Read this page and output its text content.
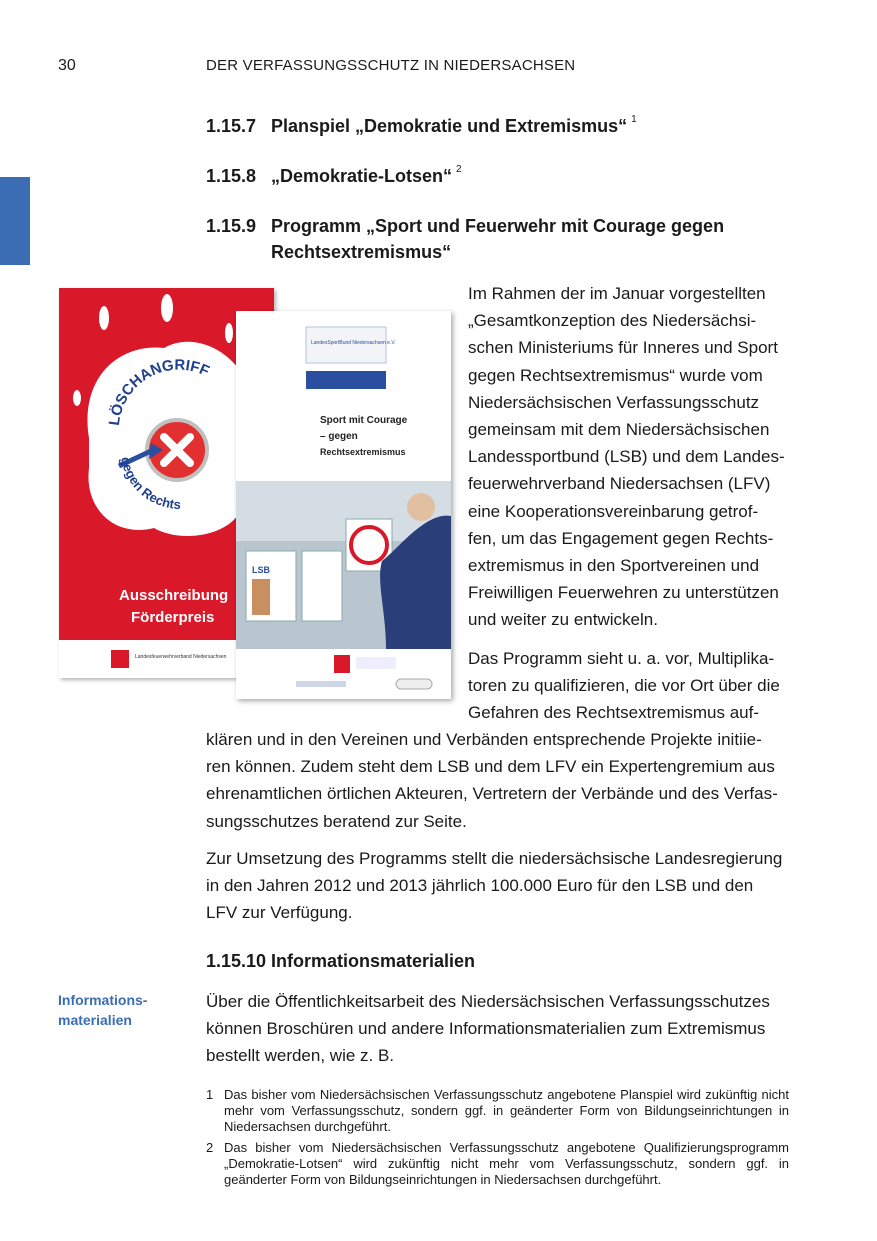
30	DER VERFASSUNGSSCHUTZ IN NIEDERSACHSEN
1.15.7 Planspiel „Demokratie und Extremismus“ $^1$
1.15.8 „Demokratie-Lotsen“ $^2$
1.15.9 Programm „Sport und Feuerwehr mit Courage gegen
Rechtsextremismus“
LÖSCHANGRIFF
gegen Rechts
Ausschreibung
Förderpreis
Landesfeuerwehrverband Niedersachsen
LandesSportBund Niedersachsen e.V.
Sport mit Courage
– gegen
Rechtsextremismus
LSB
Im Rahmen der im Januar vorgestellten
„Gesamtkonzeption des Niedersächsi-
schen Ministeriums für Inneres und Sport
gegen Rechtsextremismus“ wurde vom
Niedersächsischen Verfassungsschutz
gemeinsam mit dem Niedersächsischen
Landessportbund (LSB) und dem Landes-
feuerwehrverband Niedersachsen (LFV)
eine Kooperationsvereinbarung getrof-
fen, um das Engagement gegen Rechts-
extremismus in den Sportvereinen und
Freiwilligen Feuerwehren zu unterstützen
und weiter zu entwickeln.
Das Programm sieht u. a. vor, Multiplika-
toren zu qualifizieren, die vor Ort über die
Gefahren des Rechtsextremismus auf-
klären und in den Vereinen und Verbänden entsprechende Projekte initiie-
ren können. Zudem steht dem LSB und dem LFV ein Expertengremium aus
ehrenamtlichen örtlichen Akteuren, Vertretern der Verbände und des Verfas-
sungsschutzes beratend zur Seite.
Zur Umsetzung des Programms stellt die niedersächsische Landesregierung
in den Jahren 2012 und 2013 jährlich 100.000 Euro für den LSB und den
LFV zur Verfügung.
1.15.10 Informationsmaterialien
Informations-
materialien
Über die Öffentlichkeitsarbeit des Niedersächsischen Verfassungsschutzes
können Broschüren und andere Informationsmaterialien zum Extremismus
bestellt werden, wie z. B.
1 Das bisher vom Niedersächsischen Verfassungsschutz angebotene Planspiel wird zukünftig nicht mehr vom Verfassungsschutz, sondern ggf. in geänderter Form von Bildungseinrichtungen in Niedersachsen durchgeführt.
2 Das bisher vom Niedersächsischen Verfassungsschutz angebotene Qualifizierungsprogramm „Demokratie-Lotsen“ wird zukünftig nicht mehr vom Verfassungsschutz, sondern ggf. in geänderter Form von Bildungseinrichtungen in Niedersachsen durchgeführt.
